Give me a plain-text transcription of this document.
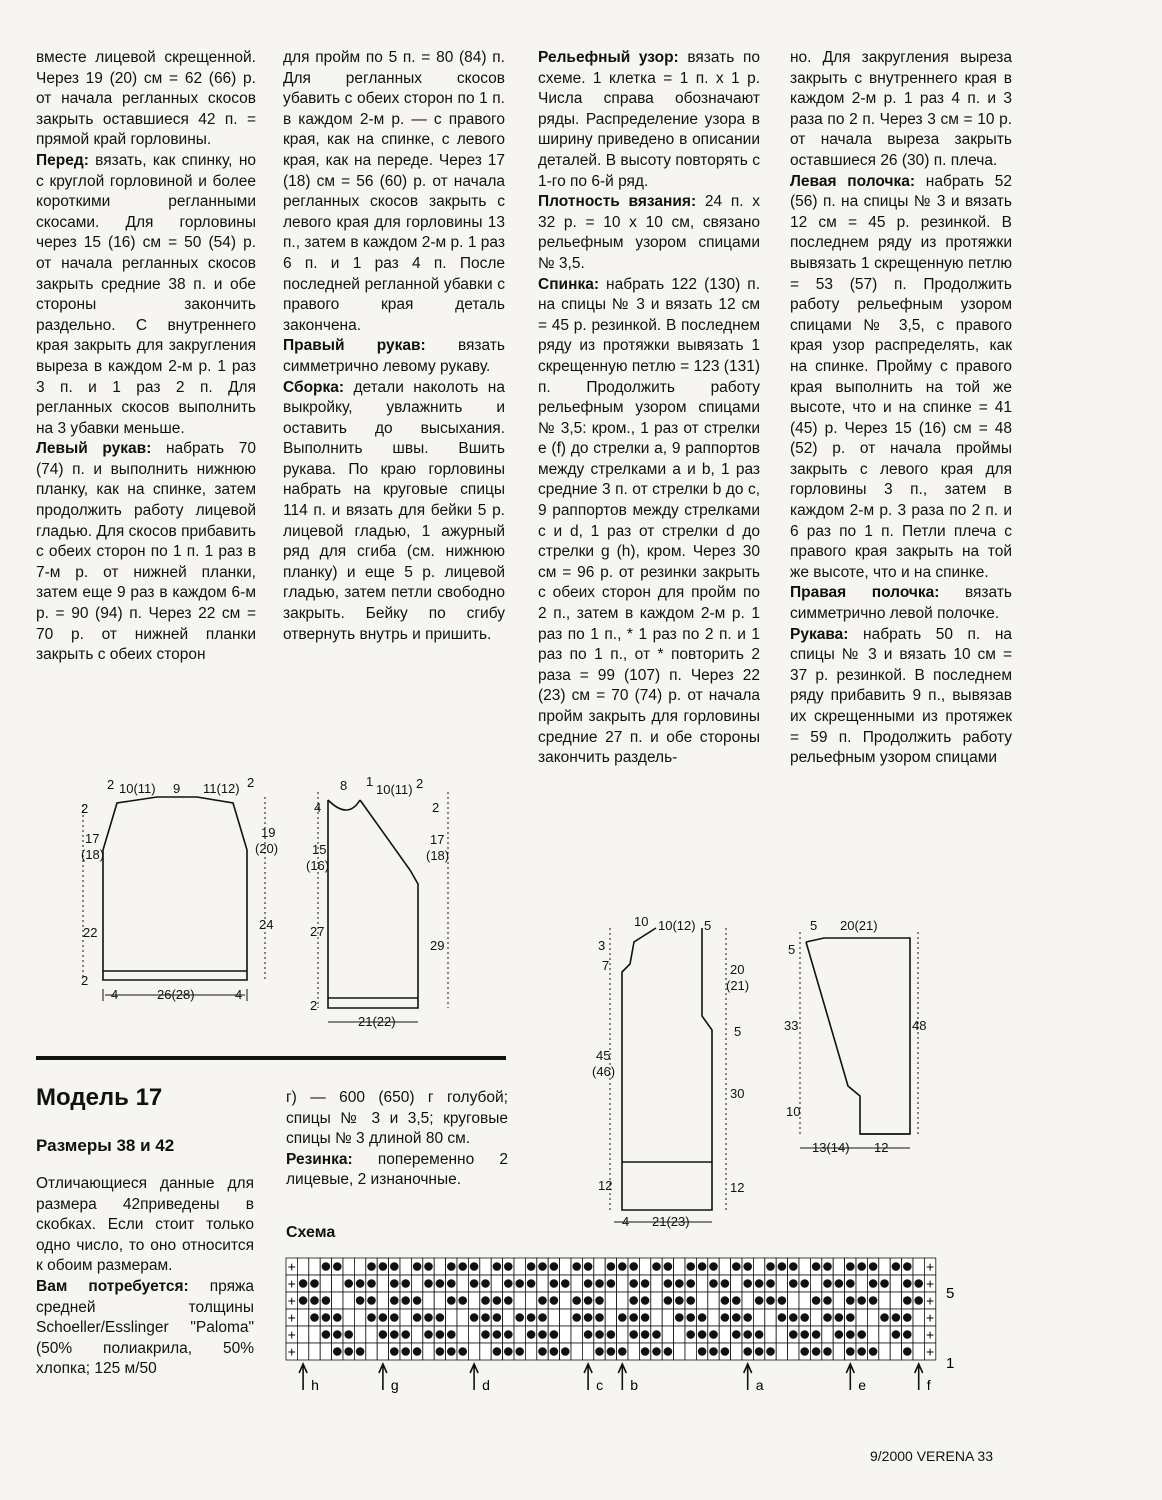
вместе лицевой скрещенной. Через 19 (20) см = 62 (66) р. от начала регланных скосов закрыть оставшиеся 42 п. = прямой край горловины.

Перед: вязать, как спинку, но с круглой горловиной и более короткими регланными скосами. Для горловины через 15 (16) см = 50 (54) р. от начала регланных скосов закрыть средние 38 п. и обе стороны закончить раздельно. С внутреннего края закрыть для закругления выреза в каждом 2-м р. 1 раз 3 п. и 1 раз 2 п. Для регланных скосов выполнить на 3 убавки меньше.

Левый рукав: набрать 70 (74) п. и выполнить нижнюю планку, как на спинке, затем продолжить работу лицевой гладью. Для скосов прибавить с обеих сторон по 1 п. 1 раз в 7-м р. от нижней планки, затем еще 9 раз в каждом 6-м р. = 90 (94) п. Через 22 см = 70 р. от нижней планки закрыть с обеих сторон

для пройм по 5 п. = 80 (84) п. Для регланных скосов убавить с обеих сторон по 1 п. в каждом 2-м р. — с правого края, как на спинке, с левого края, как на переде. Через 17 (18) см = 56 (60) р. от начала регланных скосов закрыть с левого края для горловины 13 п., затем в каждом 2-м р. 1 раз 6 п. и 1 раз 4 п. После последней регланной убавки с правого края деталь закончена.

Правый рукав: вязать симметрично левому рукаву.

Сборка: детали наколоть на выкройку, увлажнить и оставить до высыхания. Выполнить швы. Вшить рукава. По краю горловины набрать на круговые спицы 114 п. и вязать для бейки 5 р. лицевой гладью, 1 ажурный ряд для сгиба (см. нижнюю планку) и еще 5 р. лицевой гладью, затем петли свободно закрыть. Бейку по сгибу отвернуть внутрь и пришить.

Рельефный узор: вязать по схеме. 1 клетка = 1 п. х 1 р. Числа справа обозначают ряды. Распределение узора в ширину приведено в описании деталей. В высоту повторять с 1-го по 6-й ряд.

Плотность вязания: 24 п. х 32 р. = 10 х 10 см, связано рельефным узором спицами № 3,5.

Спинка: набрать 122 (130) п. на спицы № 3 и вязать 12 см = 45 р. резинкой. В последнем ряду из протяжки вывязать 1 скрещенную петлю = 123 (131) п. Продолжить работу рельефным узором спицами № 3,5: кром., 1 раз от стрелки e (f) до стрелки a, 9 раппортов между стрелками a и b, 1 раз средние 3 п. от стрелки b до c, 9 раппортов между стрелками c и d, 1 раз от стрелки d до стрелки g (h), кром. Через 30 см = 96 р. от резинки закрыть с обеих сторон для пройм по 2 п., затем в каждом 2-м р. 1 раз по 1 п., * 1 раз по 2 п. и 1 раз по 1 п., от * повторить 2 раза = 99 (107) п. Через 22 (23) см = 70 (74) р. от начала пройм закрыть для горловины средние 27 п. и обе стороны закончить раздель-

но. Для закругления выреза закрыть с внутреннего края в каждом 2-м р. 1 раз 4 п. и 3 раза по 2 п. Через 3 см = 10 р. от начала выреза закрыть оставшиеся 26 (30) п. плеча.

Левая полочка: набрать 52 (56) п. на спицы № 3 и вязать 12 см = 45 р. резинкой. В последнем ряду из протяжки вывязать 1 скрещенную петлю = 53 (57) п. Продолжить работу рельефным узором спицами № 3,5, с правого края узор распределять, как на спинке. Пройму с правого края выполнить на той же высоте, что и на спинке = 41 (45) р. Через 15 (16) см = 48 (52) р. от начала проймы закрыть с левого края для горловины 3 п., затем в каждом 2-м р. 3 раза по 2 п. и 6 раз по 1 п. Петли плеча с правого края закрыть на той же высоте, что и на спинке.

Правая полочка: вязать симметрично левой полочке.

Рукава: набрать 50 п. на спицы № 3 и вязать 10 см = 37 р. резинкой. В последнем ряду прибавить 9 п., вывязав их скрещенными из протяжек = 59 п. Продолжить работу рельефным узором спицами

2 10(11) 9 11(12) 2
2
17
(18)
19
(20)
24
22
2
4	26(28)	4
8 1
10(11) 2
4	2
15
(16)
17
(18)
27
29
2
21(22)
10 10(12) 5
3
7	20
(21)
5
45
(46)
30
12	12
4 21(23)
5 20(21)
5
33	48
10
13(14) 12
Модель 17
Размеры 38 и 42

Отличающиеся данные для размера 42приведены в скобках. Если стоит только одно число, то оно относится к обоим размерам.

Вам потребуется: пряжа средней толщины Schoeller/Esslinger "Paloma" (50% полиакрила, 50% хлопка; 125 м/50

г) — 600 (650) г голубой; спицы № 3 и 3,5; круговые спицы № 3 длиной 80 см.

Резинка: попеременно 2 лицевые, 2 изнаночные.

Схема
+	+
+	+
+	+
+	+
+	+
+	+
5
1
h	g	d	c b	a	e	f
9/2000 VERENA 33
